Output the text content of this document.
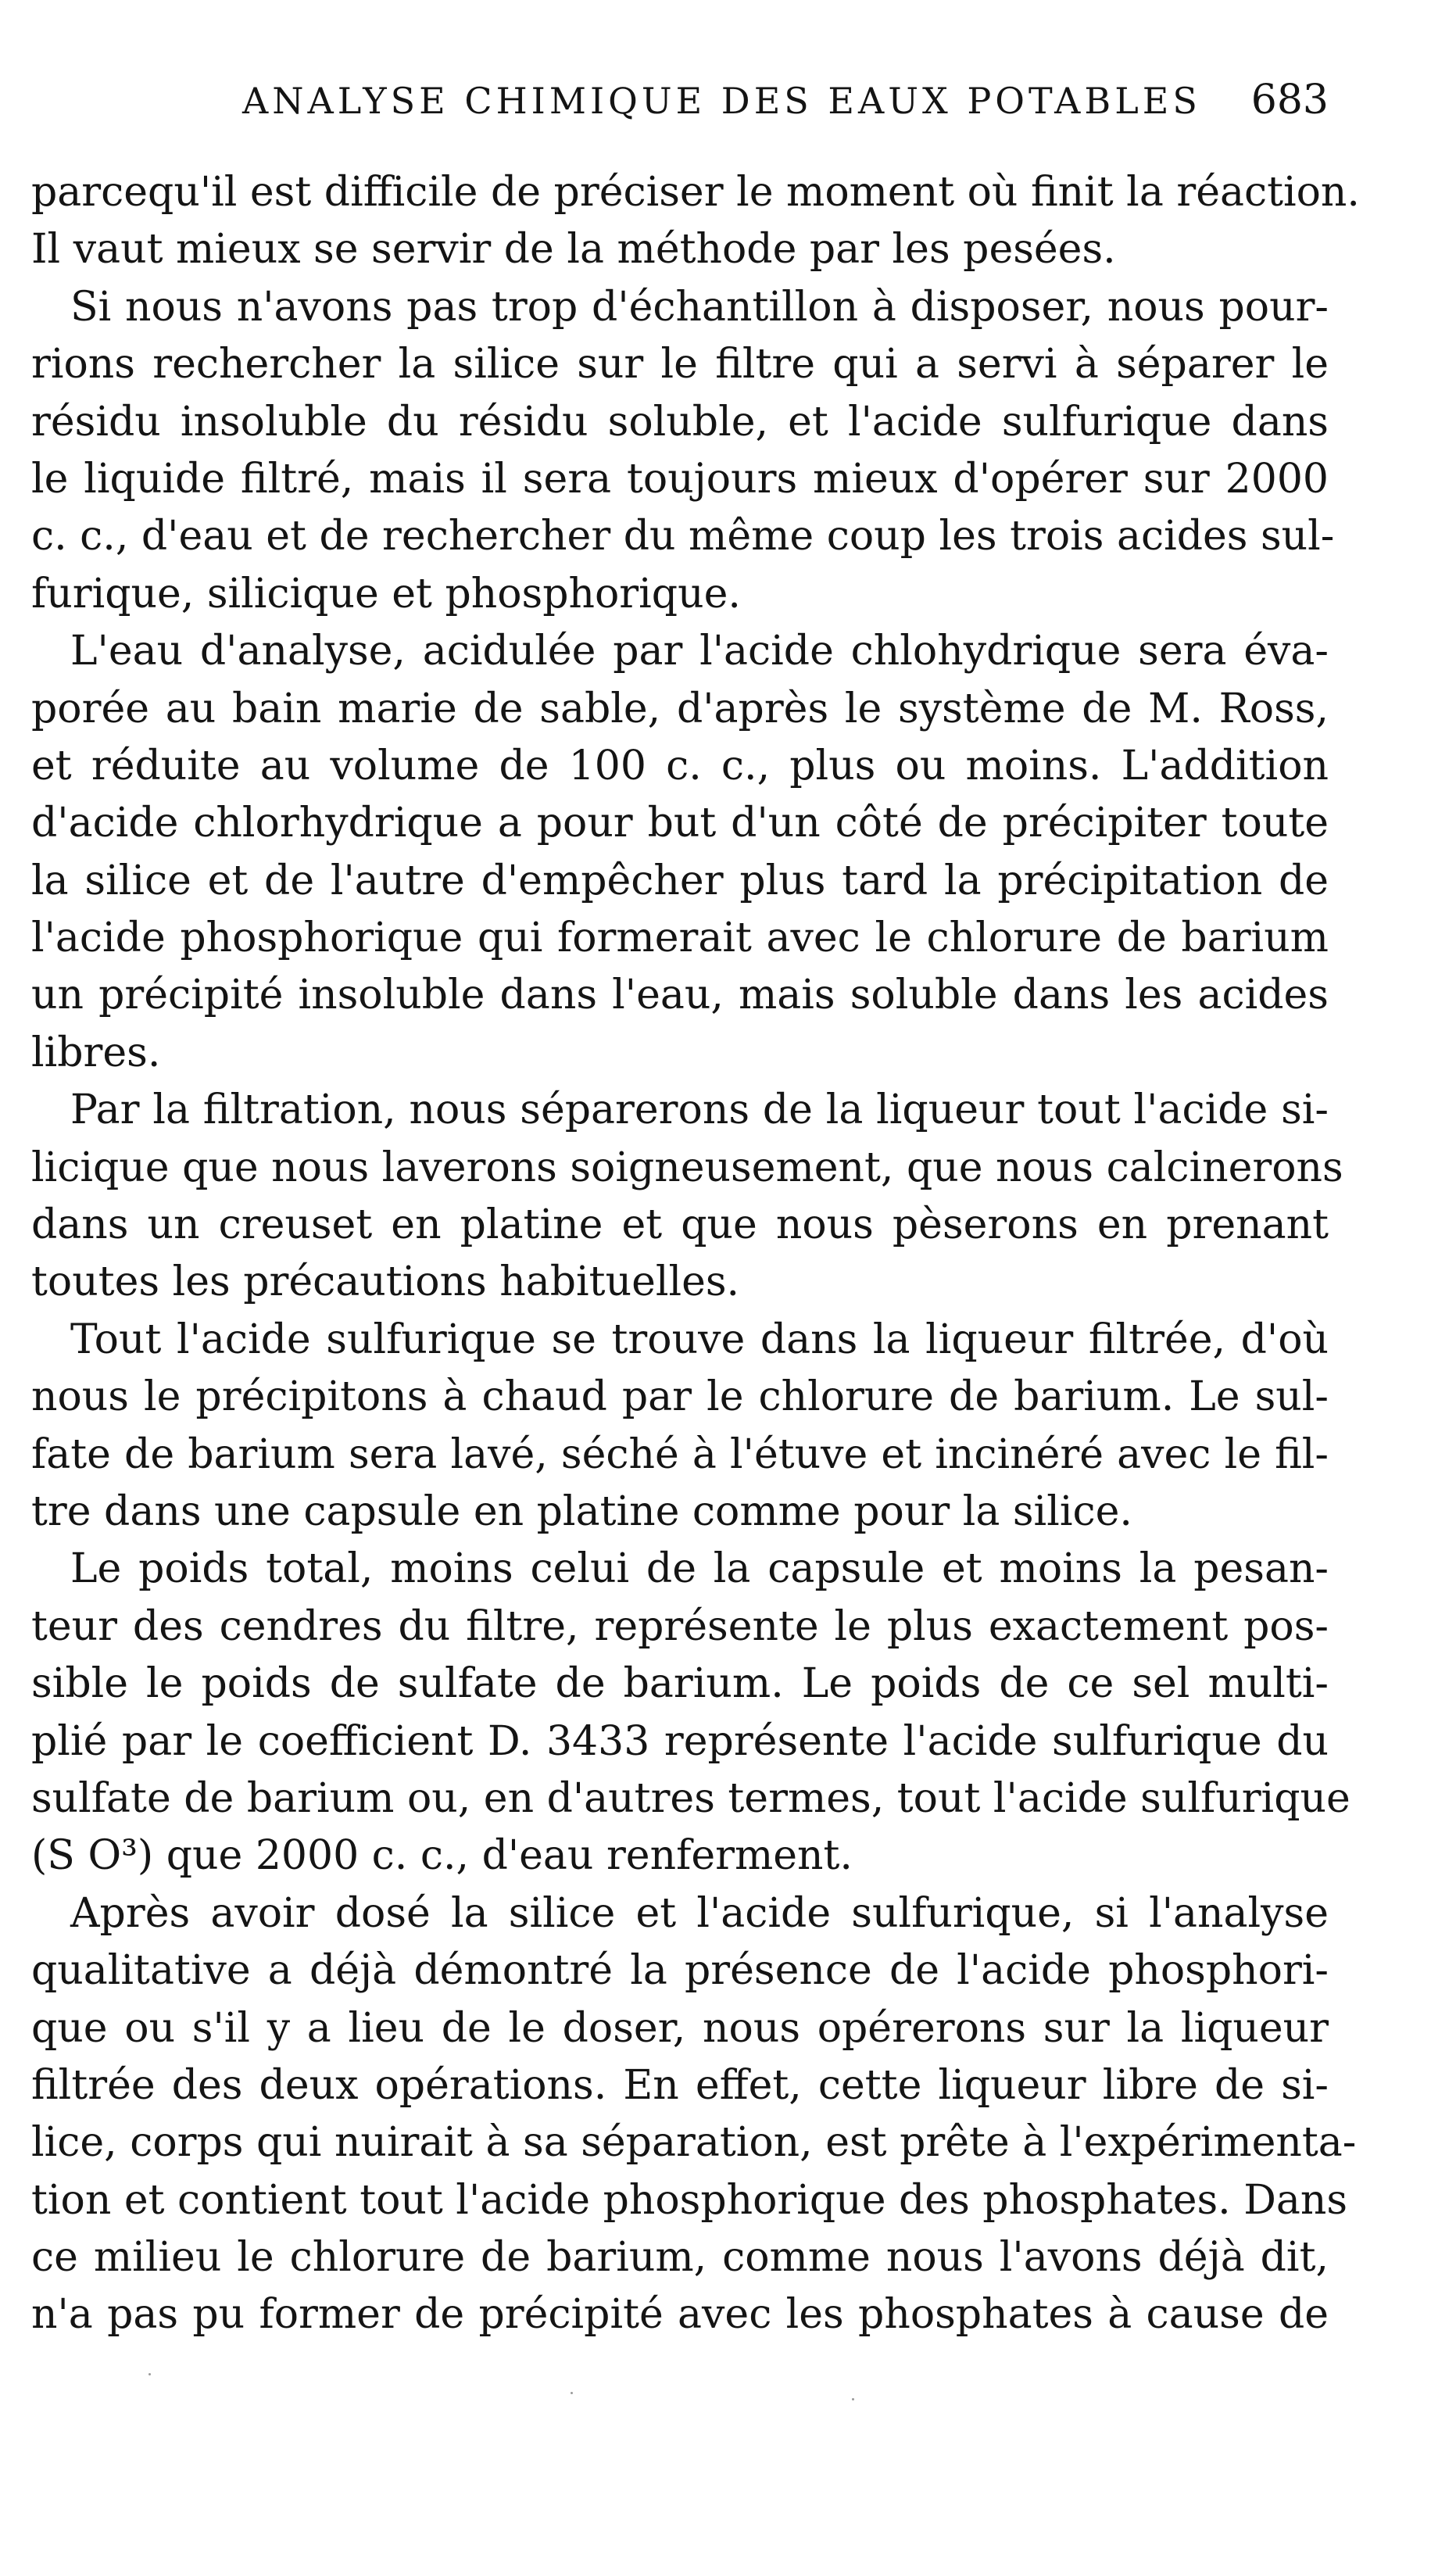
ANALYSE CHIMIQUE DES EAUX POTABLES 683
parcequ'il est difficile de préciser le moment où finit la réaction.
Il vaut mieux se servir de la méthode par les pesées.
Si nous n'avons pas trop d'échantillon à disposer, nous pour-
rions rechercher la silice sur le filtre qui a servi à séparer le
résidu insoluble du résidu soluble, et l'acide sulfurique dans
le liquide filtré, mais il sera toujours mieux d'opérer sur 2000
c. c., d'eau et de rechercher du même coup les trois acides sul-
furique, silicique et phosphorique.
L'eau d'analyse, acidulée par l'acide chlohydrique sera éva-
porée au bain marie de sable, d'après le système de M. Ross,
et réduite au volume de 100 c. c., plus ou moins. L'addition
d'acide chlorhydrique a pour but d'un côté de précipiter toute
la silice et de l'autre d'empêcher plus tard la précipitation de
l'acide phosphorique qui formerait avec le chlorure de barium
un précipité insoluble dans l'eau, mais soluble dans les acides
libres.
Par la filtration, nous séparerons de la liqueur tout l'acide si-
licique que nous laverons soigneusement, que nous calcinerons
dans un creuset en platine et que nous pèserons en prenant
toutes les précautions habituelles.
Tout l'acide sulfurique se trouve dans la liqueur filtrée, d'où
nous le précipitons à chaud par le chlorure de barium. Le sul-
fate de barium sera lavé, séché à l'étuve et incinéré avec le fil-
tre dans une capsule en platine comme pour la silice.
Le poids total, moins celui de la capsule et moins la pesan-
teur des cendres du filtre, représente le plus exactement pos-
sible le poids de sulfate de barium. Le poids de ce sel multi-
plié par le coefficient D. 3433 représente l'acide sulfurique du
sulfate de barium ou, en d'autres termes, tout l'acide sulfurique
(S O³) que 2000 c. c., d'eau renferment.
Après avoir dosé la silice et l'acide sulfurique, si l'analyse
qualitative a déjà démontré la présence de l'acide phosphori-
que ou s'il y a lieu de le doser, nous opérerons sur la liqueur
filtrée des deux opérations. En effet, cette liqueur libre de si-
lice, corps qui nuirait à sa séparation, est prête à l'expérimenta-
tion et contient tout l'acide phosphorique des phosphates. Dans
ce milieu le chlorure de barium, comme nous l'avons déjà dit,
n'a pas pu former de précipité avec les phosphates à cause de
